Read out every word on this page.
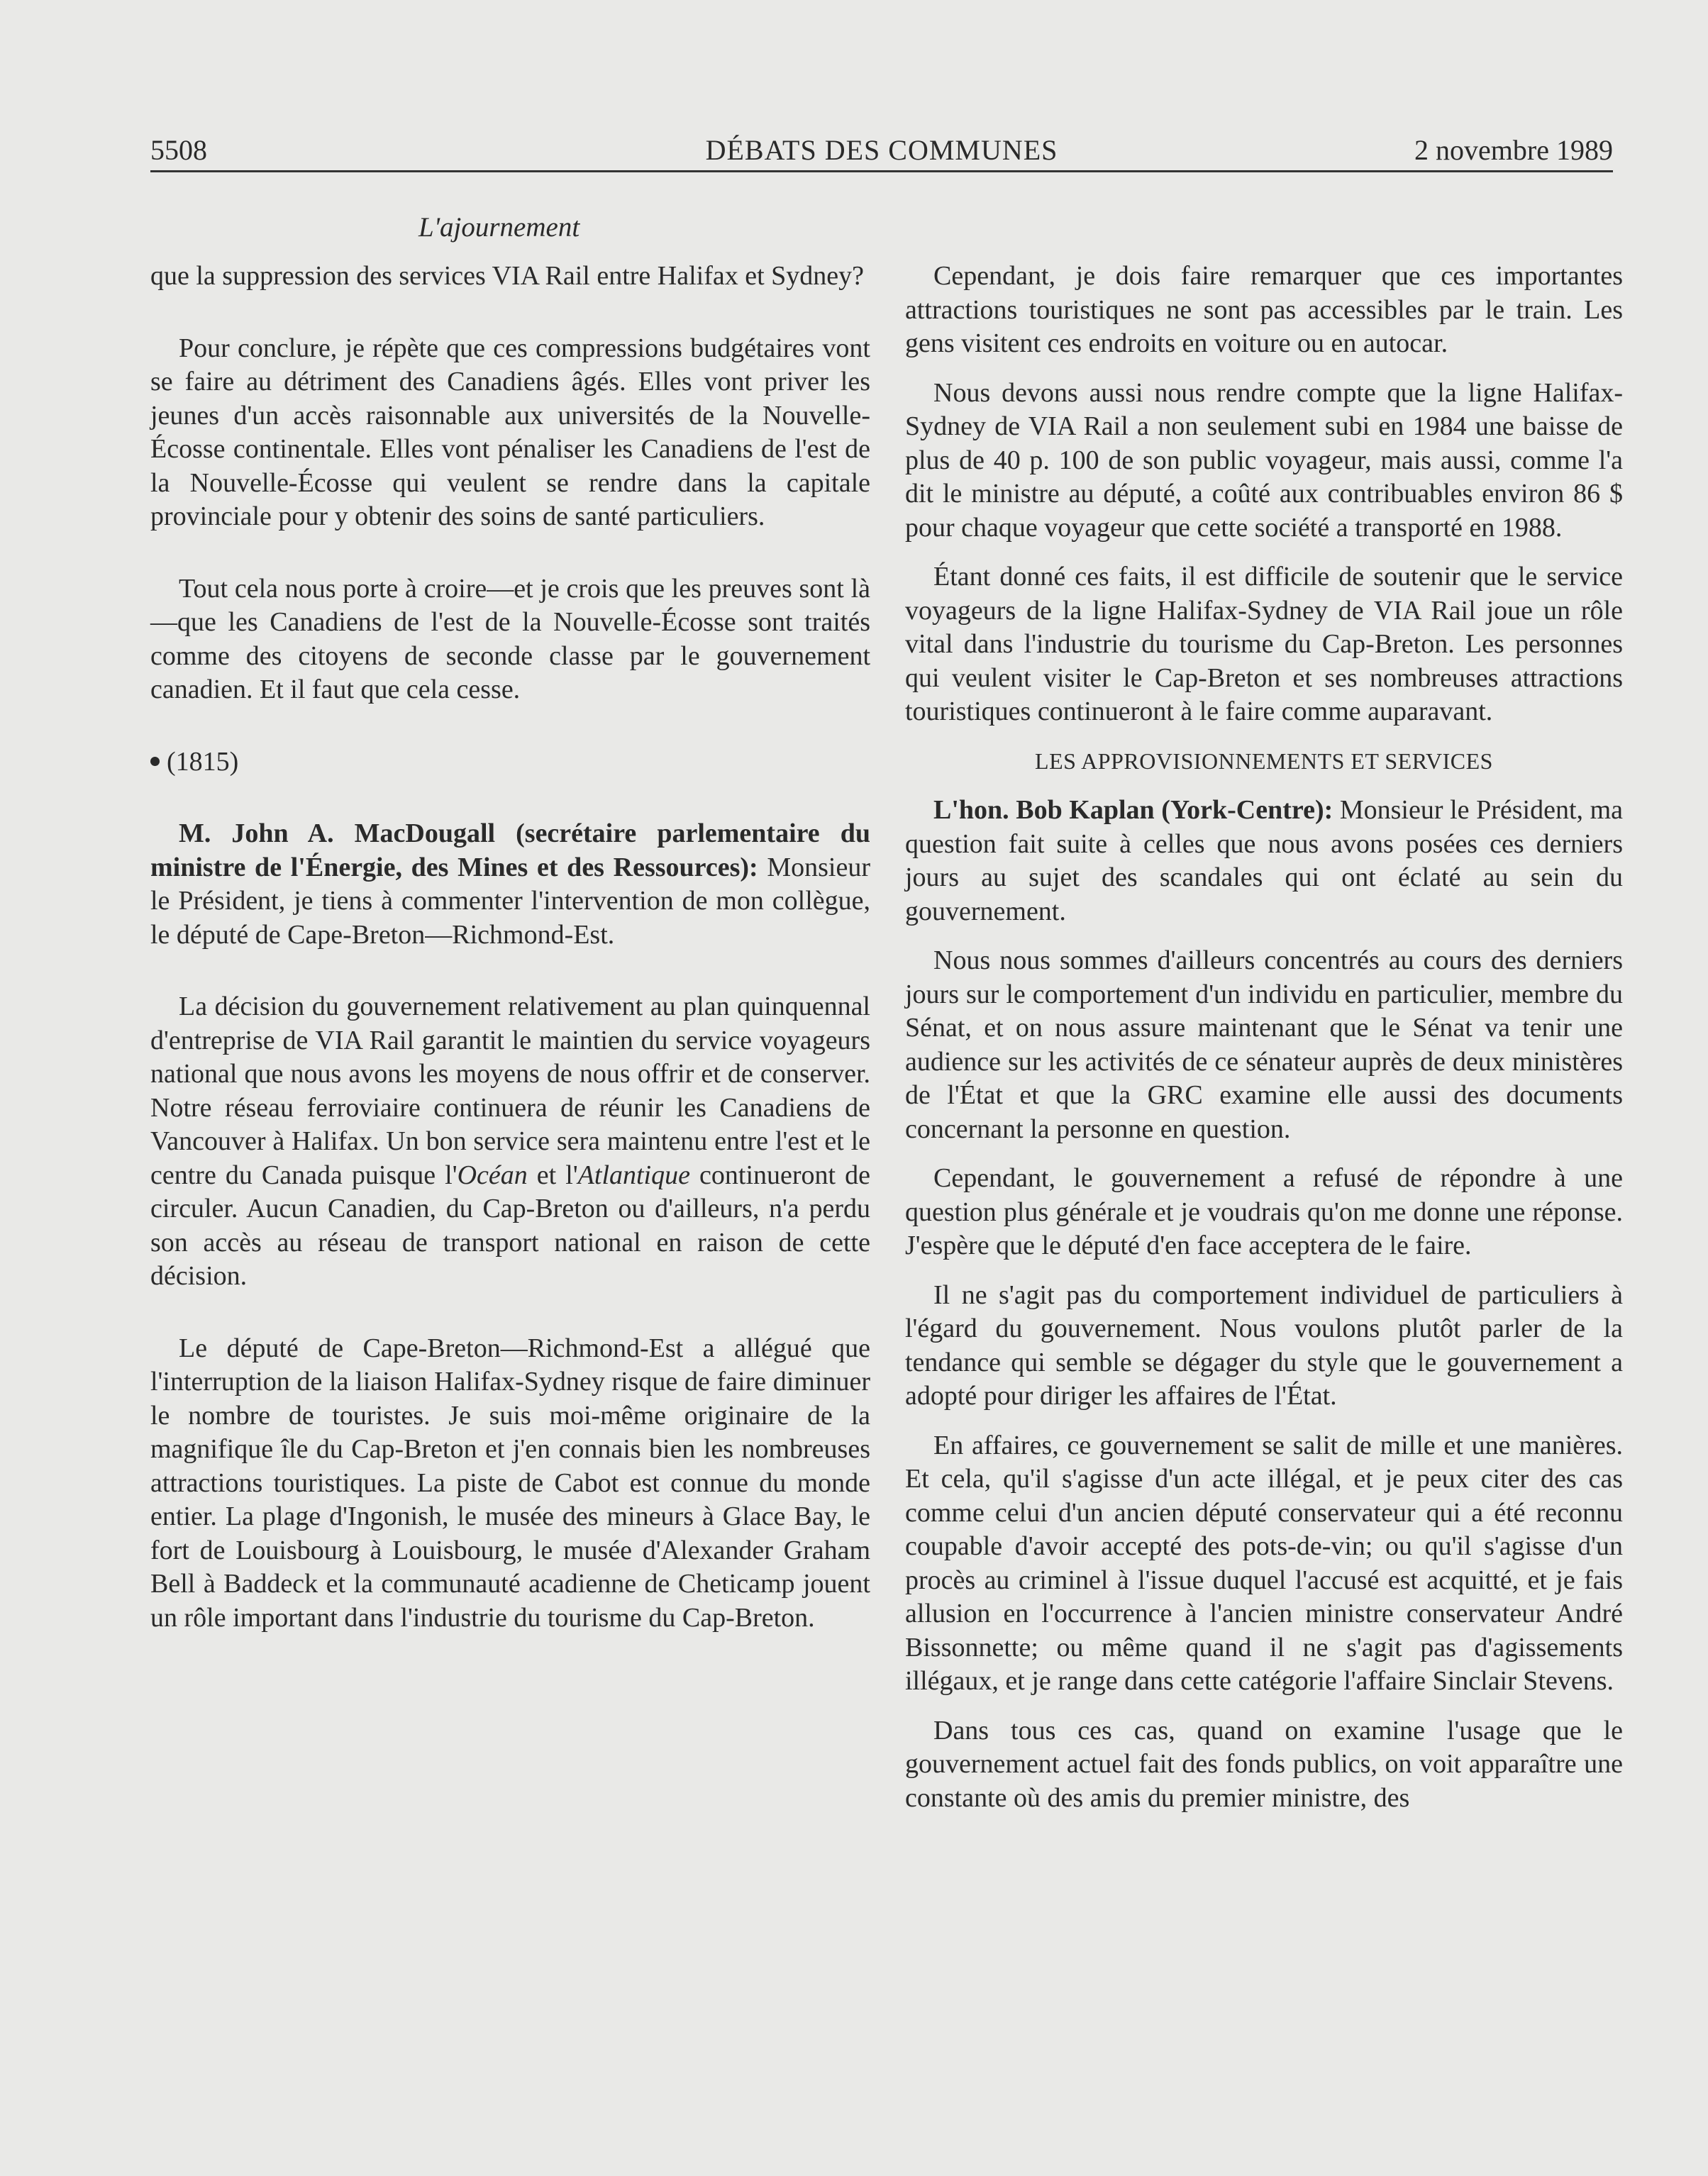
5508	DÉBATS DES COMMUNES	2 novembre 1989
L'ajournement

que la suppression des services VIA Rail entre Halifax et Sydney?

Pour conclure, je répète que ces compressions budgétaires vont se faire au détriment des Canadiens âgés. Elles vont priver les jeunes d'un accès raisonnable aux universités de la Nouvelle-Écosse continentale. Elles vont pénaliser les Canadiens de l'est de la Nouvelle-Écosse qui veulent se rendre dans la capitale provinciale pour y obtenir des soins de santé particuliers.

Tout cela nous porte à croire—et je crois que les preuves sont là—que les Canadiens de l'est de la Nouvelle-Écosse sont traités comme des citoyens de seconde classe par le gouvernement canadien. Et il faut que cela cesse.

(1815)

M. John A. MacDougall (secrétaire parlementaire du ministre de l'Énergie, des Mines et des Ressources): Monsieur le Président, je tiens à commenter l'intervention de mon collègue, le député de Cape-Breton—Richmond-Est.

La décision du gouvernement relativement au plan quinquennal d'entreprise de VIA Rail garantit le maintien du service voyageurs national que nous avons les moyens de nous offrir et de conserver. Notre réseau ferroviaire continuera de réunir les Canadiens de Vancouver à Halifax. Un bon service sera maintenu entre l'est et le centre du Canada puisque l'Océan et l'Atlantique continueront de circuler. Aucun Canadien, du Cap-Breton ou d'ailleurs, n'a perdu son accès au réseau de transport national en raison de cette décision.

Le député de Cape-Breton—Richmond-Est a allégué que l'interruption de la liaison Halifax-Sydney risque de faire diminuer le nombre de touristes. Je suis moi-même originaire de la magnifique île du Cap-Breton et j'en connais bien les nombreuses attractions touristiques. La piste de Cabot est connue du monde entier. La plage d'Ingonish, le musée des mineurs à Glace Bay, le fort de Louisbourg à Louisbourg, le musée d'Alexander Graham Bell à Baddeck et la communauté acadienne de Cheticamp jouent un rôle important dans l'industrie du tourisme du Cap-Breton.

Cependant, je dois faire remarquer que ces importantes attractions touristiques ne sont pas accessibles par le train. Les gens visitent ces endroits en voiture ou en autocar.

Nous devons aussi nous rendre compte que la ligne Halifax-Sydney de VIA Rail a non seulement subi en 1984 une baisse de plus de 40 p. 100 de son public voyageur, mais aussi, comme l'a dit le ministre au député, a coûté aux contribuables environ 86 $ pour chaque voyageur que cette société a transporté en 1988.

Étant donné ces faits, il est difficile de soutenir que le service voyageurs de la ligne Halifax-Sydney de VIA Rail joue un rôle vital dans l'industrie du tourisme du Cap-Breton. Les personnes qui veulent visiter le Cap-Breton et ses nombreuses attractions touristiques continueront à le faire comme auparavant.

LES APPROVISIONNEMENTS ET SERVICES

L'hon. Bob Kaplan (York-Centre): Monsieur le Président, ma question fait suite à celles que nous avons posées ces derniers jours au sujet des scandales qui ont éclaté au sein du gouvernement.

Nous nous sommes d'ailleurs concentrés au cours des derniers jours sur le comportement d'un individu en particulier, membre du Sénat, et on nous assure maintenant que le Sénat va tenir une audience sur les activités de ce sénateur auprès de deux ministères de l'État et que la GRC examine elle aussi des documents concernant la personne en question.

Cependant, le gouvernement a refusé de répondre à une question plus générale et je voudrais qu'on me donne une réponse. J'espère que le député d'en face acceptera de le faire.

Il ne s'agit pas du comportement individuel de particuliers à l'égard du gouvernement. Nous voulons plutôt parler de la tendance qui semble se dégager du style que le gouvernement a adopté pour diriger les affaires de l'État.

En affaires, ce gouvernement se salit de mille et une manières. Et cela, qu'il s'agisse d'un acte illégal, et je peux citer des cas comme celui d'un ancien député conservateur qui a été reconnu coupable d'avoir accepté des pots-de-vin; ou qu'il s'agisse d'un procès au criminel à l'issue duquel l'accusé est acquitté, et je fais allusion en l'occurrence à l'ancien ministre conservateur André Bissonnette; ou même quand il ne s'agit pas d'agissements illégaux, et je range dans cette catégorie l'affaire Sinclair Stevens.

Dans tous ces cas, quand on examine l'usage que le gouvernement actuel fait des fonds publics, on voit apparaître une constante où des amis du premier ministre, des
